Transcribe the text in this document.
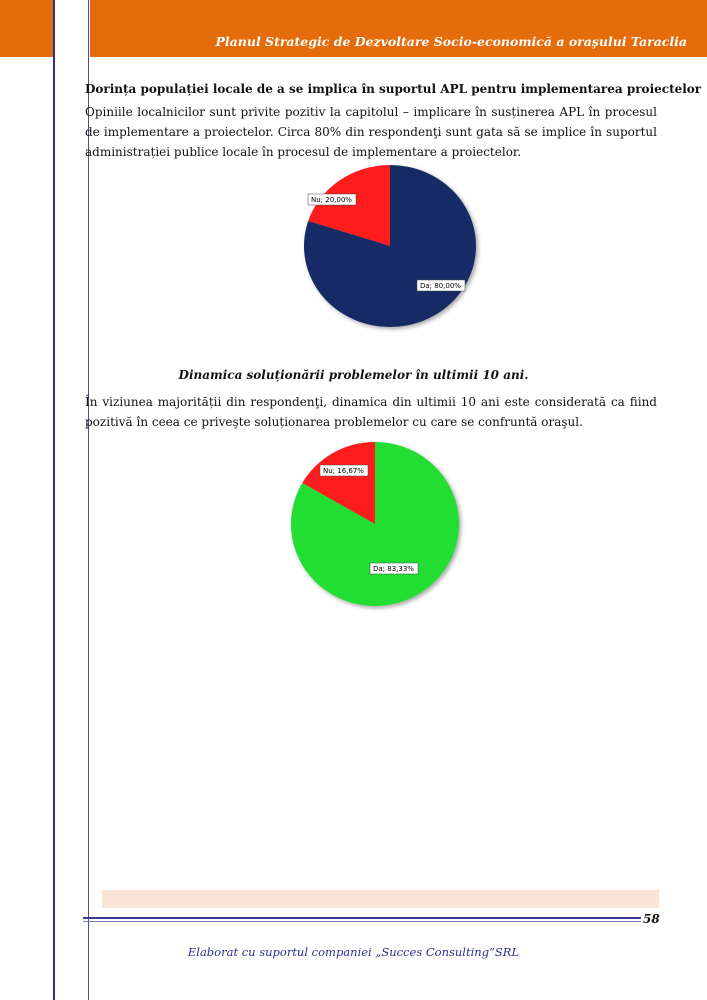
Planul Strategic de Dezvoltare Socio-economică a oraşului Taraclia
Dorința populației locale de a se implica în suportul APL pentru implementarea proiectelor
Opiniile localnicilor sunt privite pozitiv la capitolul – implicare în susținerea APL în procesul de implementare a proiectelor. Circa 80% din respondenţi sunt gata să se implice în suportul administrației publice locale în procesul de implementare a proiectelor.
Nu; 20,00%
Da; 80,00%
Dinamica soluționării problemelor în ultimii 10 ani.
În viziunea majorității din respondenţi, dinamica din ultimii 10 ani este considerată ca fiind pozitivă în ceea ce priveşte soluționarea problemelor cu care se confruntă oraşul.
Nu; 16,67%
Da; 83,33%
58
Elaborat cu suportul companiei „Succes Consulting”SRL
